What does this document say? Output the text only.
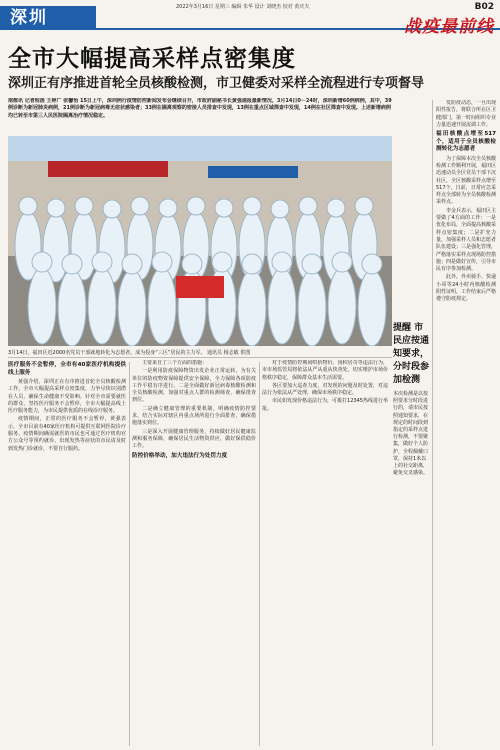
深圳
2022年3月16日 星期三 编辑 朱华 设计 刘晓杰 校对 黄庆夫	B02
战疫最前线
全市大幅提高采样点密集度
深圳正有序推进首轮全员核酸检测，市卫健委对采样全流程进行专项督导
南都讯 记者程茵 王婷广 张馨怡 15日上午，深圳例行疫情防控新闻发布会继续召开，市政府副秘书长黄强通报最新情况，3月14日0－24时，深圳新增60例病例，其中，39例诊断为新冠肺炎病例，21例诊断为新冠病毒无症状感染者；33例在隔离观察的密接人员排查中发现，13例在重点区域筛查中发现，14例在社区筛查中发现。上述新增病例均已转至市第三人民医院隔离治疗情况稳定。
3月14日，福田区近2000名党员干部就地转化为志愿者，成为投身“三区”居民的主力军。 通讯员 杨志敏 供图
医疗服务不会暂停，全市有40家医疗机构提供线上服务

黄强介绍，深圳正在有序推进首轮全员核酸检测工作，全市大幅提高采样点密集度，力争尽快识别潜在人员，确保生命健康不受影响。针对全市需要就医的群众，坚持医疗服务不会暂停，全市大幅提高线上医疗服务能力，为市民提供优质的在线诊疗服务。

疫情期间，正常的医疗服务不会暂停，黄强表示，全市目前有40家医疗机构可提供互联网医院诊疗服务。疫情期间确需就医的市民也可通过医疗机构官方公众号等预约就诊，出现发热等症状的市民请及时到发热门诊就诊，不要自行服药。

主要来自了三个方面的措施：

一是利用防疫保障物资出发企业正常运转，为有关单位的防疫物资保障提供安全保障，全力保障各项防疫工作平稳有序进行。二是全面做好新冠病毒核酸检测和全员核酸检测，加强对重点人群的检测筛查，确保排查到位。

二是确立健康管理的重要机制，明确疫情防控要求，结合实际对辖区内重点场所进行全面排查，确保措施落实到位。

三是深入开展健康管理服务，持续做好居民健康监测和服务保障，确保居民生活物资供应，做好保供稳价工作。

防控价格举动，加大违法行为处罚力度

对于疫情防控期间哄抬物价、囤积居奇等违法行为，市市场监管局将依法从严从重从快查处，切实维护市场价格秩序稳定，保障群众基本生活需要。

各区要加大巡查力度，对发现的问题及时处置，对违法行为依法从严处理，确保市场秩序稳定。

市民如发现价格违法行为，可拨打12345热线进行举报。

提醒 市民应按通知要求，分时段参加检测
本次检测是以按照要求分时段进行的，请市民按照通知要求，在规定的时间段到指定的采样点进行检测，不要聚集，做好个人防护，全程佩戴口罩，保持1米以上的社交距离，避免交叉感染。

发防疫动态，一旦出现阳性报告，将联合所在区卫健部门，第一时间组织专业力量迅速开展流调工作。

福田核酸点增至517个，适用于全员核酸检测转化为志愿者

为了保障本次全员核酸检测工作顺利开展，福田区迅速动员全区党员干部下沉社区，全区核酸采样点增至517个，日前，日常应急采样点全部转为全员核酸检测采样点。

李金兵表示，福田区主要做了4方面的工作：一是优化布局，全面提高核酸采样点密集度；二是扩充力量，加强采样人员和志愿者队伍建设；三是强化管理，严格落实采样点现场防控措施；四是做好宣传，引导市民有序参加检测。

此外，外卖骑手、快递小哥等24小时内核酸检测阴性证明，工作结束后严格遵守防疫规定。
